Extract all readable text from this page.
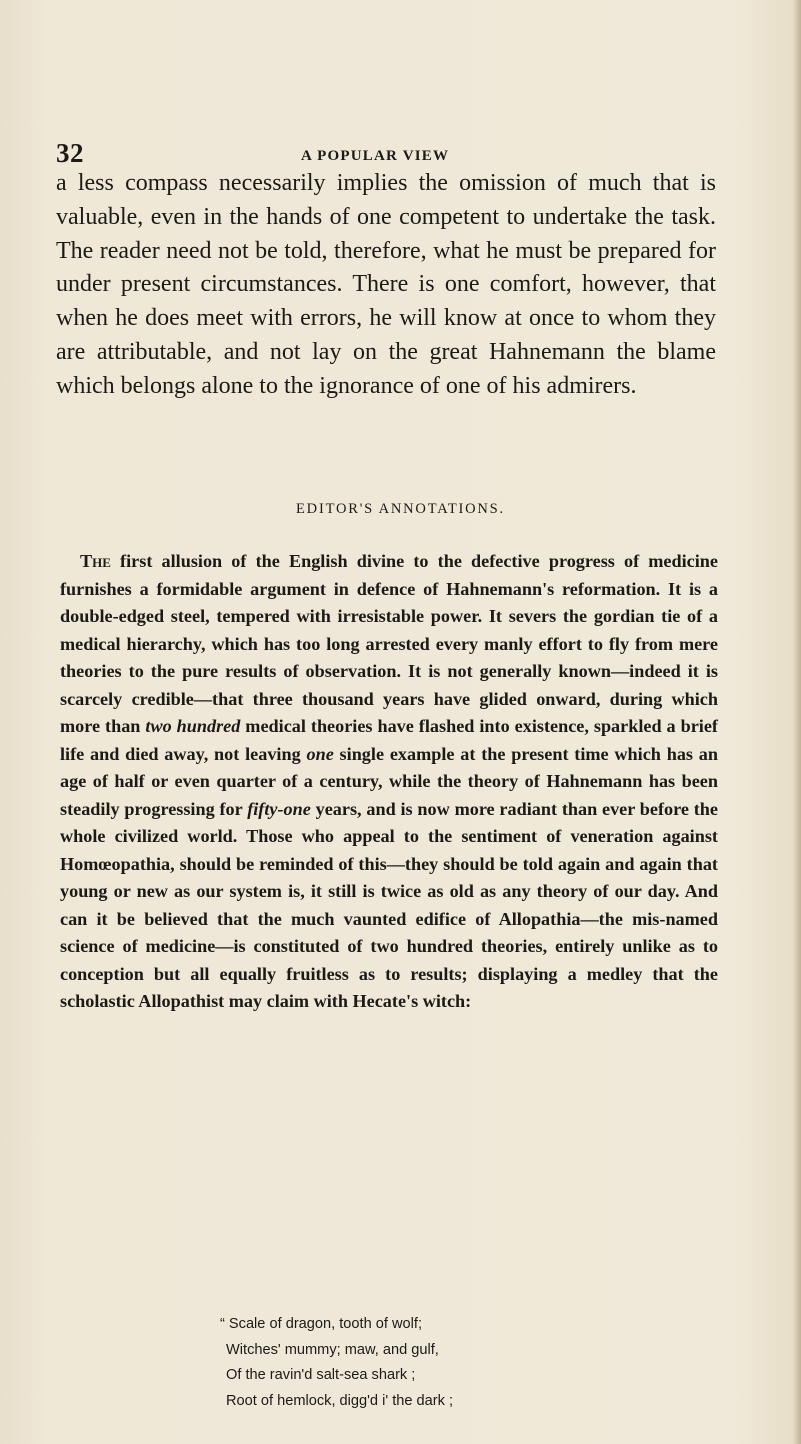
32	A POPULAR VIEW

a less compass necessarily implies the omission of much that is valuable, even in the hands of one competent to undertake the task. The reader need not be told, therefore, what he must be prepared for under present circumstances. There is one comfort, however, that when he does meet with errors, he will know at once to whom they are attributable, and not lay on the great Hahnemann the blame which belongs alone to the ignorance of one of his admirers.

EDITOR'S ANNOTATIONS.

The first allusion of the English divine to the defective progress of medicine furnishes a formidable argument in defence of Hahnemann's reformation. It is a double-edged steel, tempered with irresistable power. It severs the gordian tie of a medical hierarchy, which has too long arrested every manly effort to fly from mere theories to the pure results of observation. It is not generally known—indeed it is scarcely credible—that three thousand years have glided onward, during which more than two hundred medical theories have flashed into existence, sparkled a brief life and died away, not leaving one single example at the present time which has an age of half or even quarter of a century, while the theory of Hahnemann has been steadily progressing for fifty-one years, and is now more radiant than ever before the whole civilized world. Those who appeal to the sentiment of veneration against Homœopathia, should be reminded of this—they should be told again and again that young or new as our system is, it still is twice as old as any theory of our day. And can it be believed that the much vaunted edifice of Allopathia—the mis-named science of medicine—is constituted of two hundred theories, entirely unlike as to conception but all equally fruitless as to results; displaying a medley that the scholastic Allopathist may claim with Hecate's witch:

“ Scale of dragon, tooth of wolf;
Witches' mummy; maw, and gulf,
Of the ravin'd salt-sea shark ;
Root of hemlock, digg'd i' the dark ;
